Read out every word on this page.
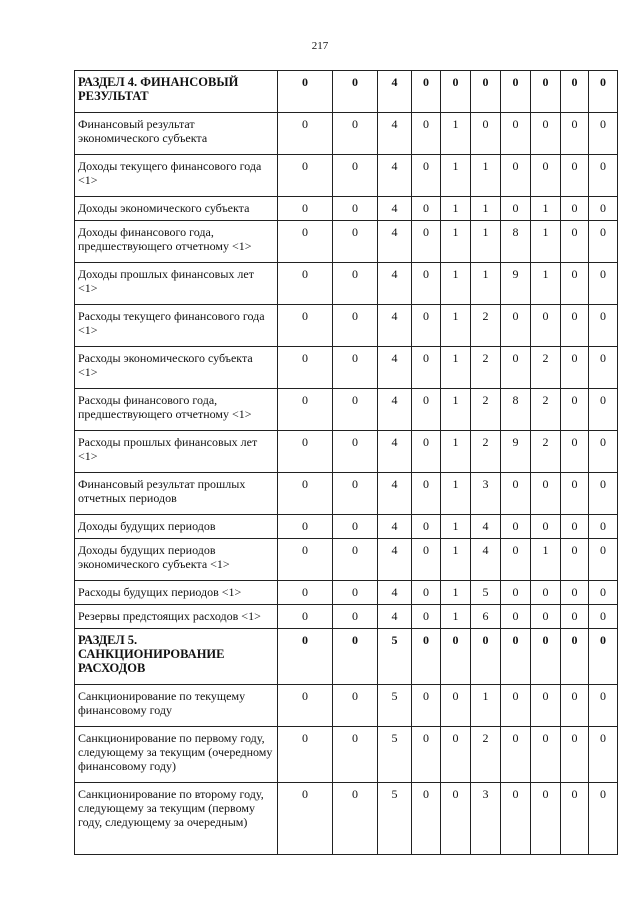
217
РАЗДЕЛ 4. ФИНАНСОВЫЙ РЕЗУЛЬТАТ	0	0	4	0	0	0	0	0	0	0
Финансовый результат экономического субъекта	0	0	4	0	1	0	0	0	0	0
Доходы текущего финансового года <1>	0	0	4	0	1	1	0	0	0	0
Доходы экономического субъекта	0	0	4	0	1	1	0	1	0	0
Доходы финансового года, предшествующего отчетному <1>	0	0	4	0	1	1	8	1	0	0
Доходы прошлых финансовых лет <1>	0	0	4	0	1	1	9	1	0	0
Расходы текущего финансового года <1>	0	0	4	0	1	2	0	0	0	0
Расходы экономического субъекта <1>	0	0	4	0	1	2	0	2	0	0
Расходы финансового года, предшествующего отчетному <1>	0	0	4	0	1	2	8	2	0	0
Расходы прошлых финансовых лет <1>	0	0	4	0	1	2	9	2	0	0
Финансовый результат прошлых отчетных периодов	0	0	4	0	1	3	0	0	0	0
Доходы будущих периодов	0	0	4	0	1	4	0	0	0	0
Доходы будущих периодов экономического субъекта <1>	0	0	4	0	1	4	0	1	0	0
Расходы будущих периодов <1>	0	0	4	0	1	5	0	0	0	0
Резервы предстоящих расходов <1>	0	0	4	0	1	6	0	0	0	0
РАЗДЕЛ 5. САНКЦИОНИРОВАНИЕ РАСХОДОВ	0	0	5	0	0	0	0	0	0	0
Санкционирование по текущему финансовому году	0	0	5	0	0	1	0	0	0	0
Санкционирование по первому году, следующему за текущим (очередному финансовому году)	0	0	5	0	0	2	0	0	0	0
Санкционирование по второму году, следующему за текущим (первому году, следующему за очередным)	0	0	5	0	0	3	0	0	0	0
